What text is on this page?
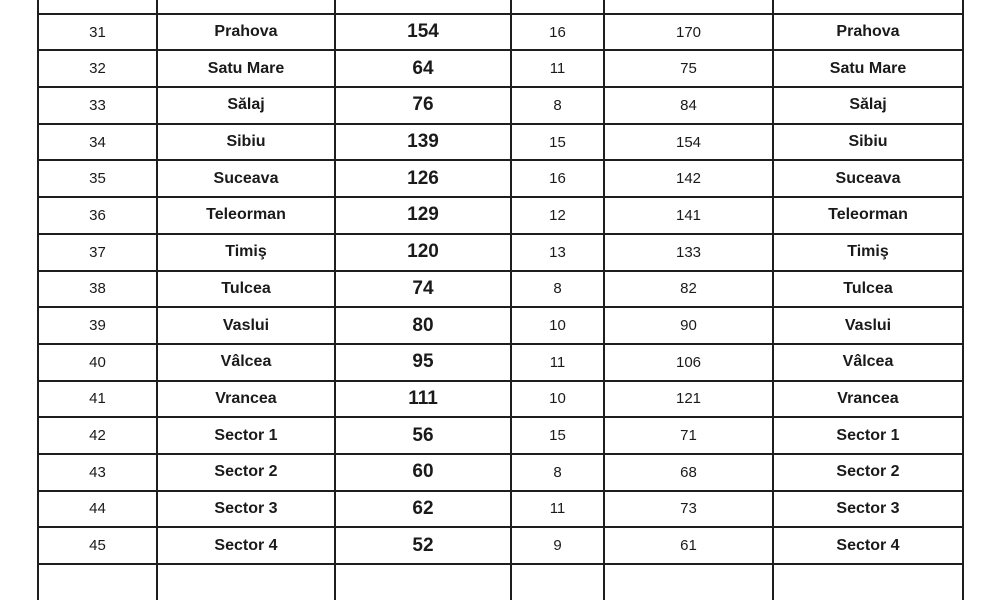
31	Prahova	154	16	170	Prahova
32	Satu Mare	64	11	75	Satu Mare
33	Sălaj	76	8	84	Sălaj
34	Sibiu	139	15	154	Sibiu
35	Suceava	126	16	142	Suceava
36	Teleorman	129	12	141	Teleorman
37	Timiş	120	13	133	Timiş
38	Tulcea	74	8	82	Tulcea
39	Vaslui	80	10	90	Vaslui
40	Vâlcea	95	11	106	Vâlcea
41	Vrancea	111	10	121	Vrancea
42	Sector 1	56	15	71	Sector 1
43	Sector 2	60	8	68	Sector 2
44	Sector 3	62	11	73	Sector 3
45	Sector 4	52	9	61	Sector 4
